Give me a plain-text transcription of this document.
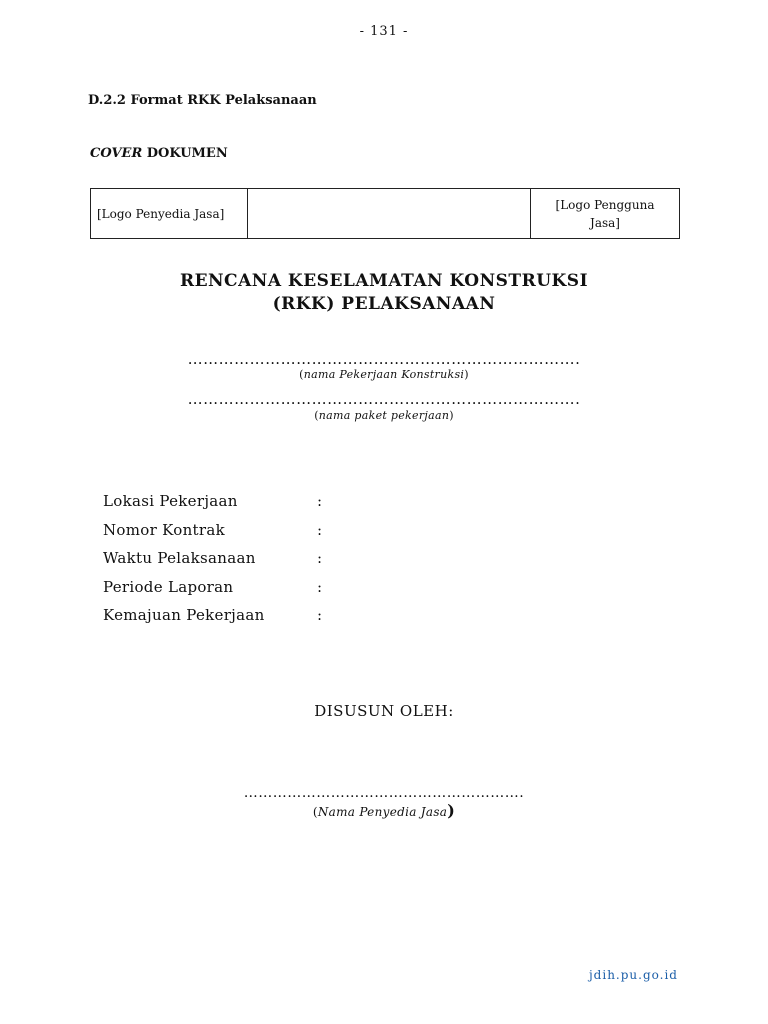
- 131 -
D.2.2 Format RKK Pelaksanaan
COVER DOKUMEN
[Logo Penyedia Jasa]		[Logo Pengguna
Jasa]
RENCANA KESELAMATAN KONSTRUKSI
(RKK) PELAKSANAAN
………………………………………………………………….
(nama Pekerjaan Konstruksi)
………………………………………………………………….
(nama paket pekerjaan)
Lokasi Pekerjaan	:
Nomor Kontrak	:
Waktu Pelaksanaan	:
Periode Laporan	:
Kemajuan Pekerjaan	:
DISUSUN OLEH:
………………………………………………….
(Nama Penyedia Jasa)
jdih.pu.go.id
